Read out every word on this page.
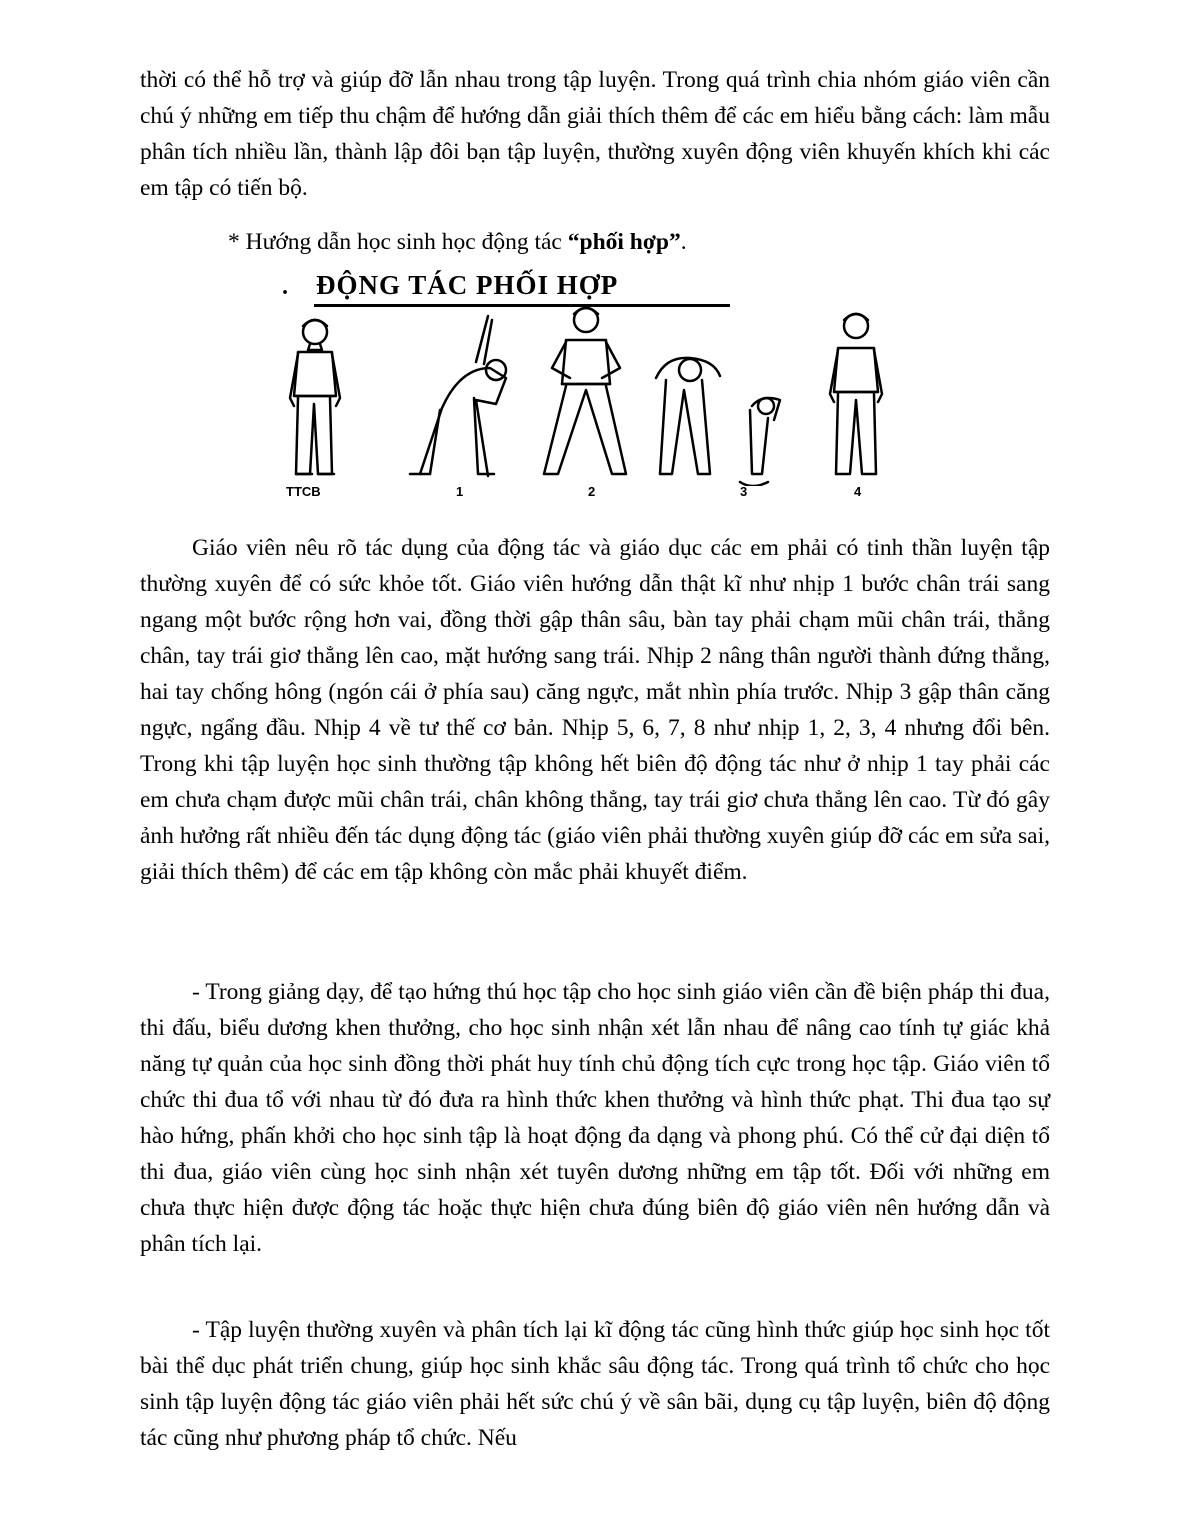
thời có thể hỗ trợ và giúp đỡ lẫn nhau trong tập luyện. Trong quá trình chia nhóm giáo viên cần chú ý những em tiếp thu chậm để hướng dẫn giải thích thêm để các em hiểu bằng cách: làm mẫu phân tích nhiều lần, thành lập đôi bạn tập luyện, thường xuyên động viên khuyến khích khi các em tập có tiến bộ.

* Hướng dẫn học sinh học động tác “phối hợp”.

. ĐỘNG TÁC PHỐI HỢP
TTCB	1	2	3	4

Giáo viên nêu rõ tác dụng của động tác và giáo dục các em phải có tinh thần luyện tập thường xuyên để có sức khỏe tốt. Giáo viên hướng dẫn thật kĩ như nhịp 1 bước chân trái sang ngang một bước rộng hơn vai, đồng thời gập thân sâu, bàn tay phải chạm mũi chân trái, thẳng chân, tay trái giơ thẳng lên cao, mặt hướng sang trái. Nhịp 2 nâng thân người thành đứng thẳng, hai tay chống hông (ngón cái ở phía sau) căng ngực, mắt nhìn phía trước. Nhịp 3 gập thân căng ngực, ngẩng đầu. Nhịp 4 về tư thế cơ bản. Nhịp 5, 6, 7, 8 như nhịp 1, 2, 3, 4 nhưng đổi bên. Trong khi tập luyện học sinh thường tập không hết biên độ động tác như ở nhịp 1 tay phải các em chưa chạm được mũi chân trái, chân không thẳng, tay trái giơ chưa thẳng lên cao. Từ đó gây ảnh hưởng rất nhiều đến tác dụng động tác (giáo viên phải thường xuyên giúp đỡ các em sửa sai, giải thích thêm) để các em tập không còn mắc phải khuyết điểm.

- Trong giảng dạy, để tạo hứng thú học tập cho học sinh giáo viên cần đề biện pháp thi đua, thi đấu, biểu dương khen thưởng, cho học sinh nhận xét lẫn nhau để nâng cao tính tự giác khả năng tự quản của học sinh đồng thời phát huy tính chủ động tích cực trong học tập. Giáo viên tổ chức thi đua tổ với nhau từ đó đưa ra hình thức khen thưởng và hình thức phạt. Thi đua tạo sự hào hứng, phấn khởi cho học sinh tập là hoạt động đa dạng và phong phú. Có thể cử đại diện tổ thi đua, giáo viên cùng học sinh nhận xét tuyên dương những em tập tốt. Đối với những em chưa thực hiện được động tác hoặc thực hiện chưa đúng biên độ giáo viên nên hướng dẫn và phân tích lại.

- Tập luyện thường xuyên và phân tích lại kĩ động tác cũng hình thức giúp học sinh học tốt bài thể dục phát triển chung, giúp học sinh khắc sâu động tác. Trong quá trình tổ chức cho học sinh tập luyện động tác giáo viên phải hết sức chú ý về sân bãi, dụng cụ tập luyện, biên độ động tác cũng như phương pháp tổ chức. Nếu
